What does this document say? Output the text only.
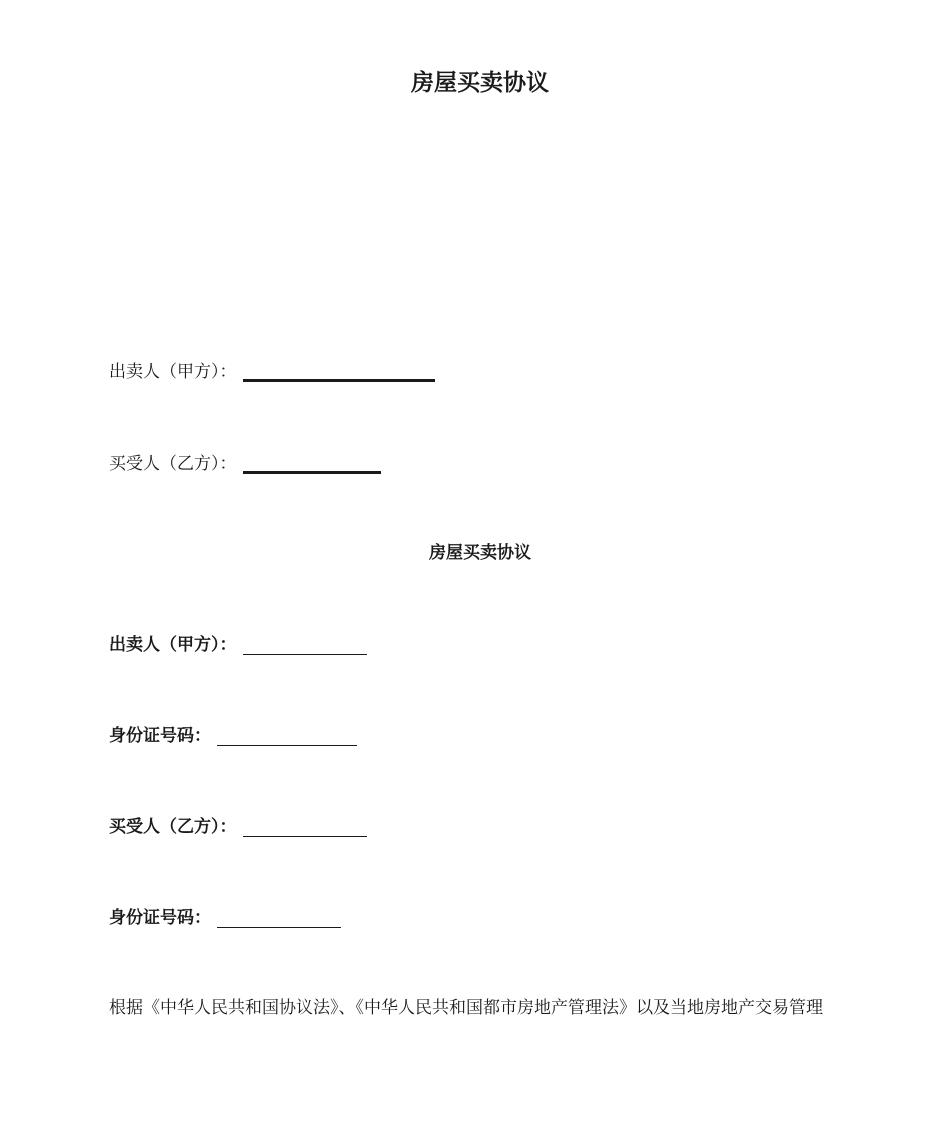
房屋买卖协议
出卖人（甲方）：
买受人（乙方）：
房屋买卖协议
出卖人（甲方）：
身份证号码：
买受人（乙方）：
身份证号码：
根据《中华人民共和国协议法》、《中华人民共和国都市房地产管理法》以及当地房地产交易管理
